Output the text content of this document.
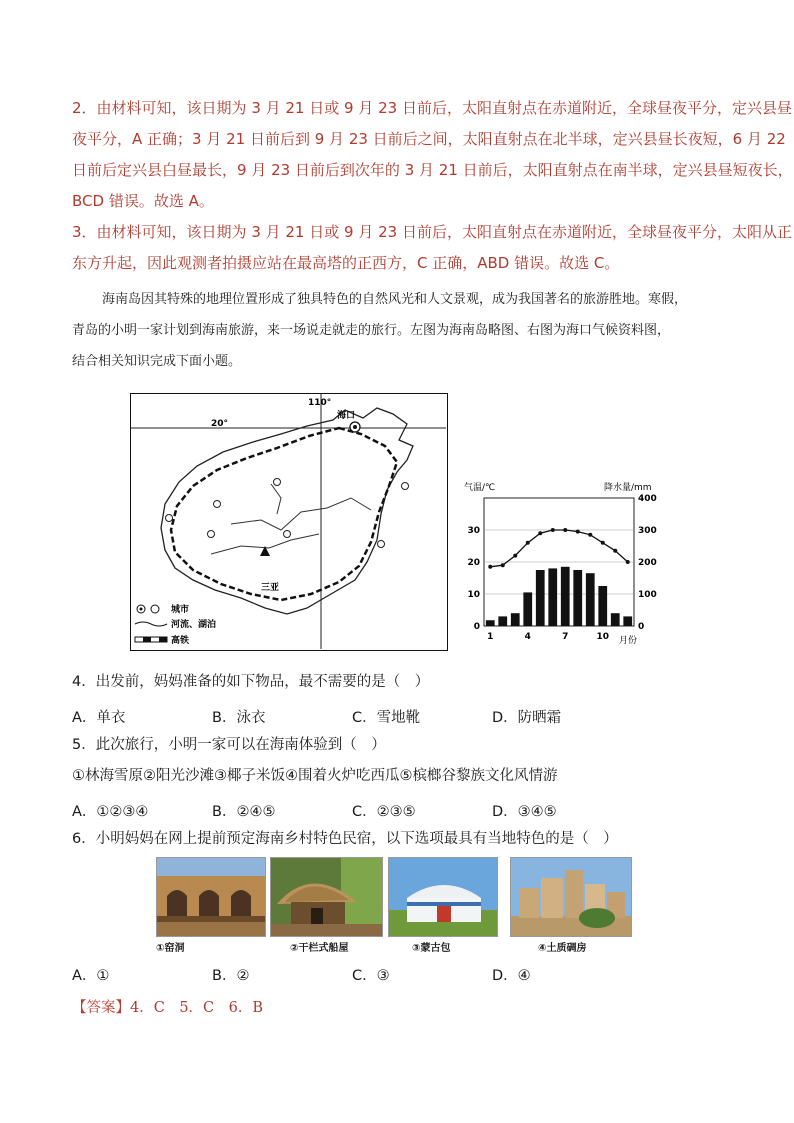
2．由材料可知，该日期为 3 月 21 日或 9 月 23 日前后，太阳直射点在赤道附近，全球昼夜平分，定兴县昼
夜平分，A 正确；3 月 21 日前后到 9 月 23 日前后之间，太阳直射点在北半球，定兴县昼长夜短，6 月 22
日前后定兴县白昼最长，9 月 23 日前后到次年的 3 月 21 日前后，太阳直射点在南半球，定兴县昼短夜长，
BCD 错误。故选 A。
3．由材料可知，该日期为 3 月 21 日或 9 月 23 日前后，太阳直射点在赤道附近，全球昼夜平分，太阳从正
东方升起，因此观测者拍摄应站在最高塔的正西方，C 正确，ABD 错误。故选 C。
海南岛因其特殊的地理位置形成了独具特色的自然风光和人文景观，成为我国著名的旅游胜地。寒假，
青岛的小明一家计划到海南旅游，来一场说走就走的旅行。左图为海南岛略图、右图为海口气候资料图，
结合相关知识完成下面小题。
110°
20°
海口
三亚
城市
河流、湖泊
高铁
气温/℃	降水量/mm
月份
0
10
20
30
0
100
200
300
400
1	4	7	10
4．出发前，妈妈准备的如下物品，最不需要的是（　）
A．单衣	B．泳衣	C．雪地靴	D．防晒霜
5．此次旅行，小明一家可以在海南体验到（　）
①林海雪原②阳光沙滩③椰子米饭④围着火炉吃西瓜⑤槟榔谷黎族文化风情游
A．①②③④	B．②④⑤	C．②③⑤	D．③④⑤
6．小明妈妈在网上提前预定海南乡村特色民宿，以下选项最具有当地特色的是（　）
①窑洞	②干栏式船屋	③蒙古包	④土质碉房
A．①	B．②	C．③	D．④
【答案】4．C　5．C　6．B
